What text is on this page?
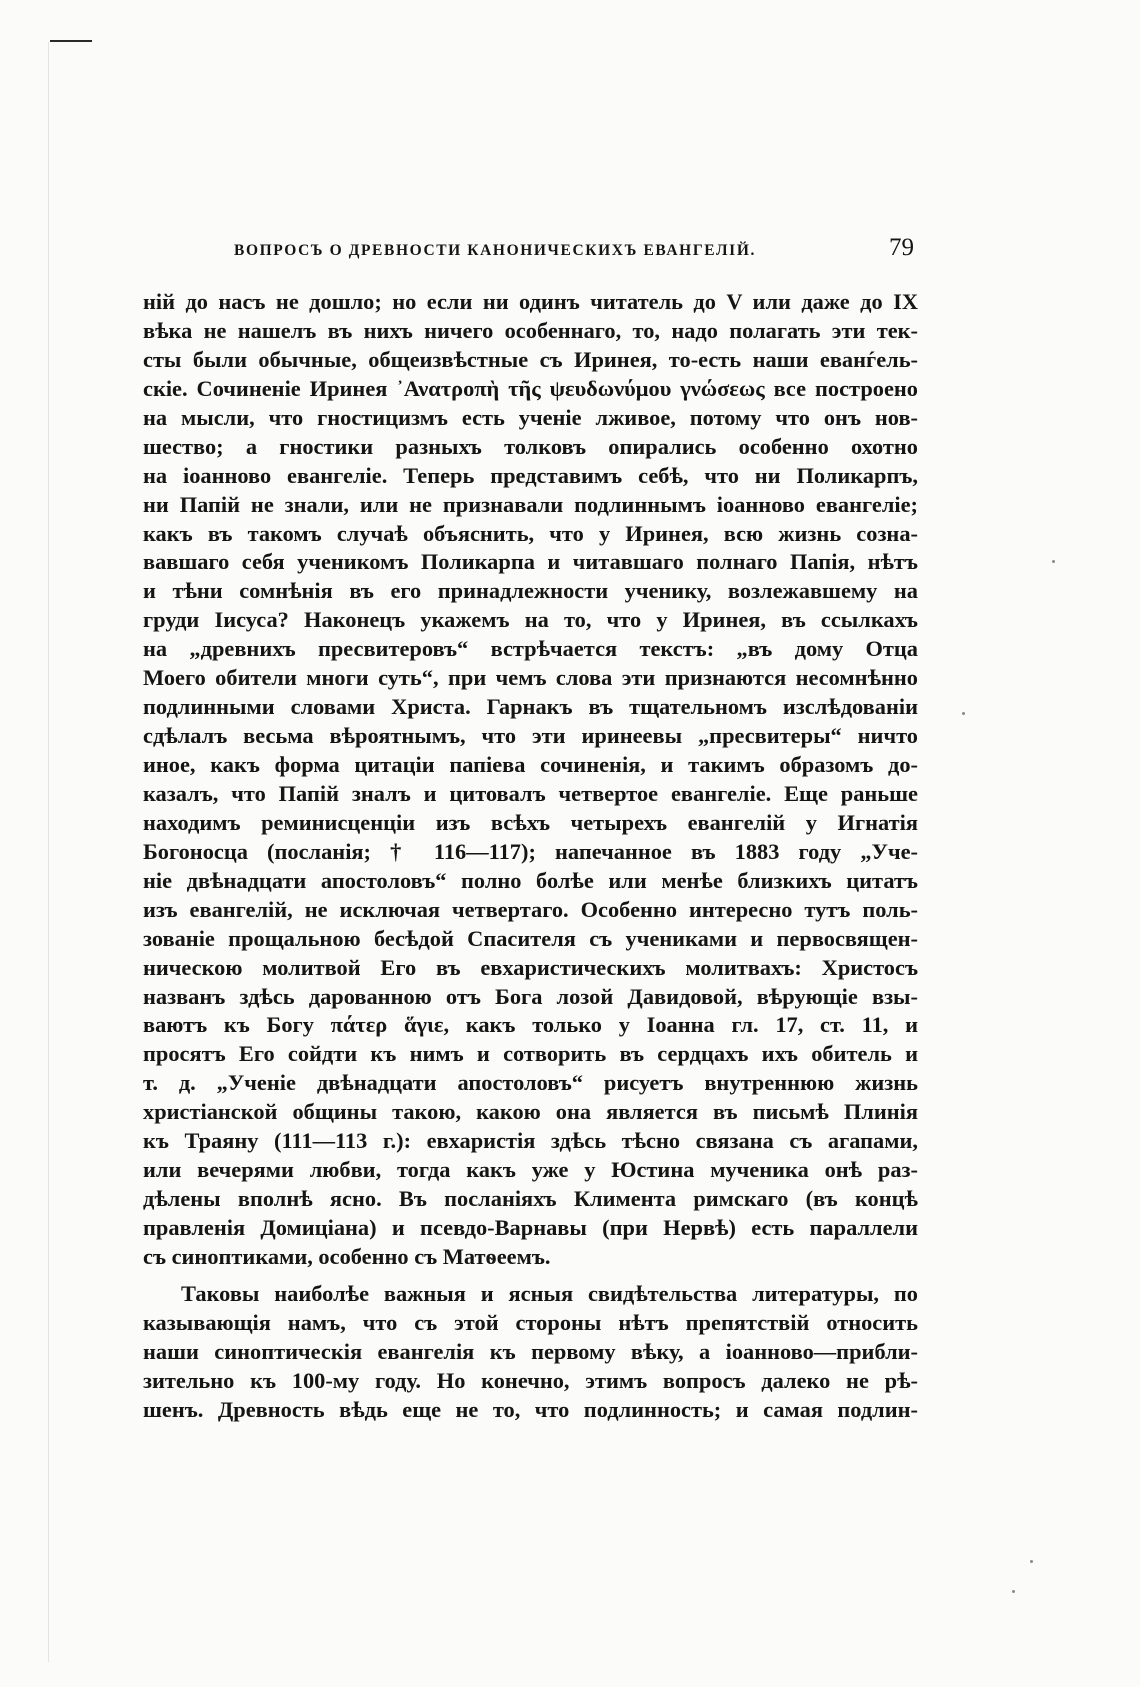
ВОПРОСЪ О ДРЕВНОСТИ КАНОНИЧЕСКИХЪ ЕВАНГЕЛІЙ.	79
ній до насъ не дошло; но если ни одинъ читатель до V или даже до IX
вѣка не нашелъ въ нихъ ничего особеннаго, то, надо полагать эти тек-
сты были обычные, общеизвѣстные съ Иринея, то-есть наши еванѓель-
скіе. Сочиненіе Иринея ᾿Ανατροπὴ τῆς ψευδωνύμου γνώσεως все построено
на мысли, что гностицизмъ есть ученіе лживое, потому что онъ нов-
шество; а гностики разныхъ толковъ опирались особенно охотно
на іоанново евангеліе. Теперь представимъ себѣ, что ни Поликарпъ,
ни Папій не знали, или не признавали подлиннымъ іоанново евангеліе;
какъ въ такомъ случаѣ объяснить, что у Иринея, всю жизнь созна-
вавшаго себя ученикомъ Поликарпа и читавшаго полнаго Папія, нѣтъ
и тѣни сомнѣнія въ его принадлежности ученику, возлежавшему на
груди Іисуса? Наконецъ укажемъ на то, что у Иринея, въ ссылкахъ
на „древнихъ пресвитеровъ“ встрѣчается текстъ: „въ дому Отца
Моего обители многи суть“, при чемъ слова эти признаются несомнѣнно
подлинными словами Христа. Гарнакъ въ тщательномъ изслѣдованіи
сдѣлалъ весьма вѣроятнымъ, что эти иринеевы „пресвитеры“ ничто
иное, какъ форма цитаціи папіева сочиненія, и такимъ образомъ до-
казалъ, что Папій зналъ и цитовалъ четвертое евангеліе. Еще раньше
находимъ реминисценціи изъ всѣхъ четырехъ евангелій у Игнатія
Богоносца (посланія; † 116—117); напечанное въ 1883 году „Уче-
ніе двѣнадцати апостоловъ“ полно болѣе или менѣе близкихъ цитатъ
изъ евангелій, не исключая четвертаго. Особенно интересно тутъ поль-
зованіе прощальною бесѣдой Спасителя съ учениками и первосвящен-
ническою молитвой Его въ евхаристическихъ молитвахъ: Христосъ
названъ здѣсь дарованною отъ Бога лозой Давидовой, вѣрующіе взы-
ваютъ къ Богу πάτερ ἅγιε, какъ только у Іоанна гл. 17, ст. 11, и
просятъ Его сойдти къ нимъ и сотворить въ сердцахъ ихъ обитель и
т. д. „Ученіе двѣнадцати апостоловъ“ рисуетъ внутреннюю жизнь
христіанской общины такою, какою она является въ письмѣ Плинія
къ Траяну (111—113 г.): евхаристія здѣсь тѣсно связана съ агапами,
или вечерями любви, тогда какъ уже у Юстина мученика онѣ раз-
дѣлены вполнѣ ясно. Въ посланіяхъ Климента римскаго (въ концѣ
правленія Домиціана) и псевдо-Варнавы (при Нервѣ) есть параллели
съ синоптиками, особенно съ Матѳеемъ.
Таковы наиболѣе важныя и ясныя свидѣтельства литературы, по
казывающія намъ, что съ этой стороны нѣтъ препятствій относить
наши синоптическія евангелія къ первому вѣку, а іоанново—прибли-
зительно къ 100-му году. Но конечно, этимъ вопросъ далеко не рѣ-
шенъ. Древность вѣдь еще не то, что подлинность; и самая подлин-
